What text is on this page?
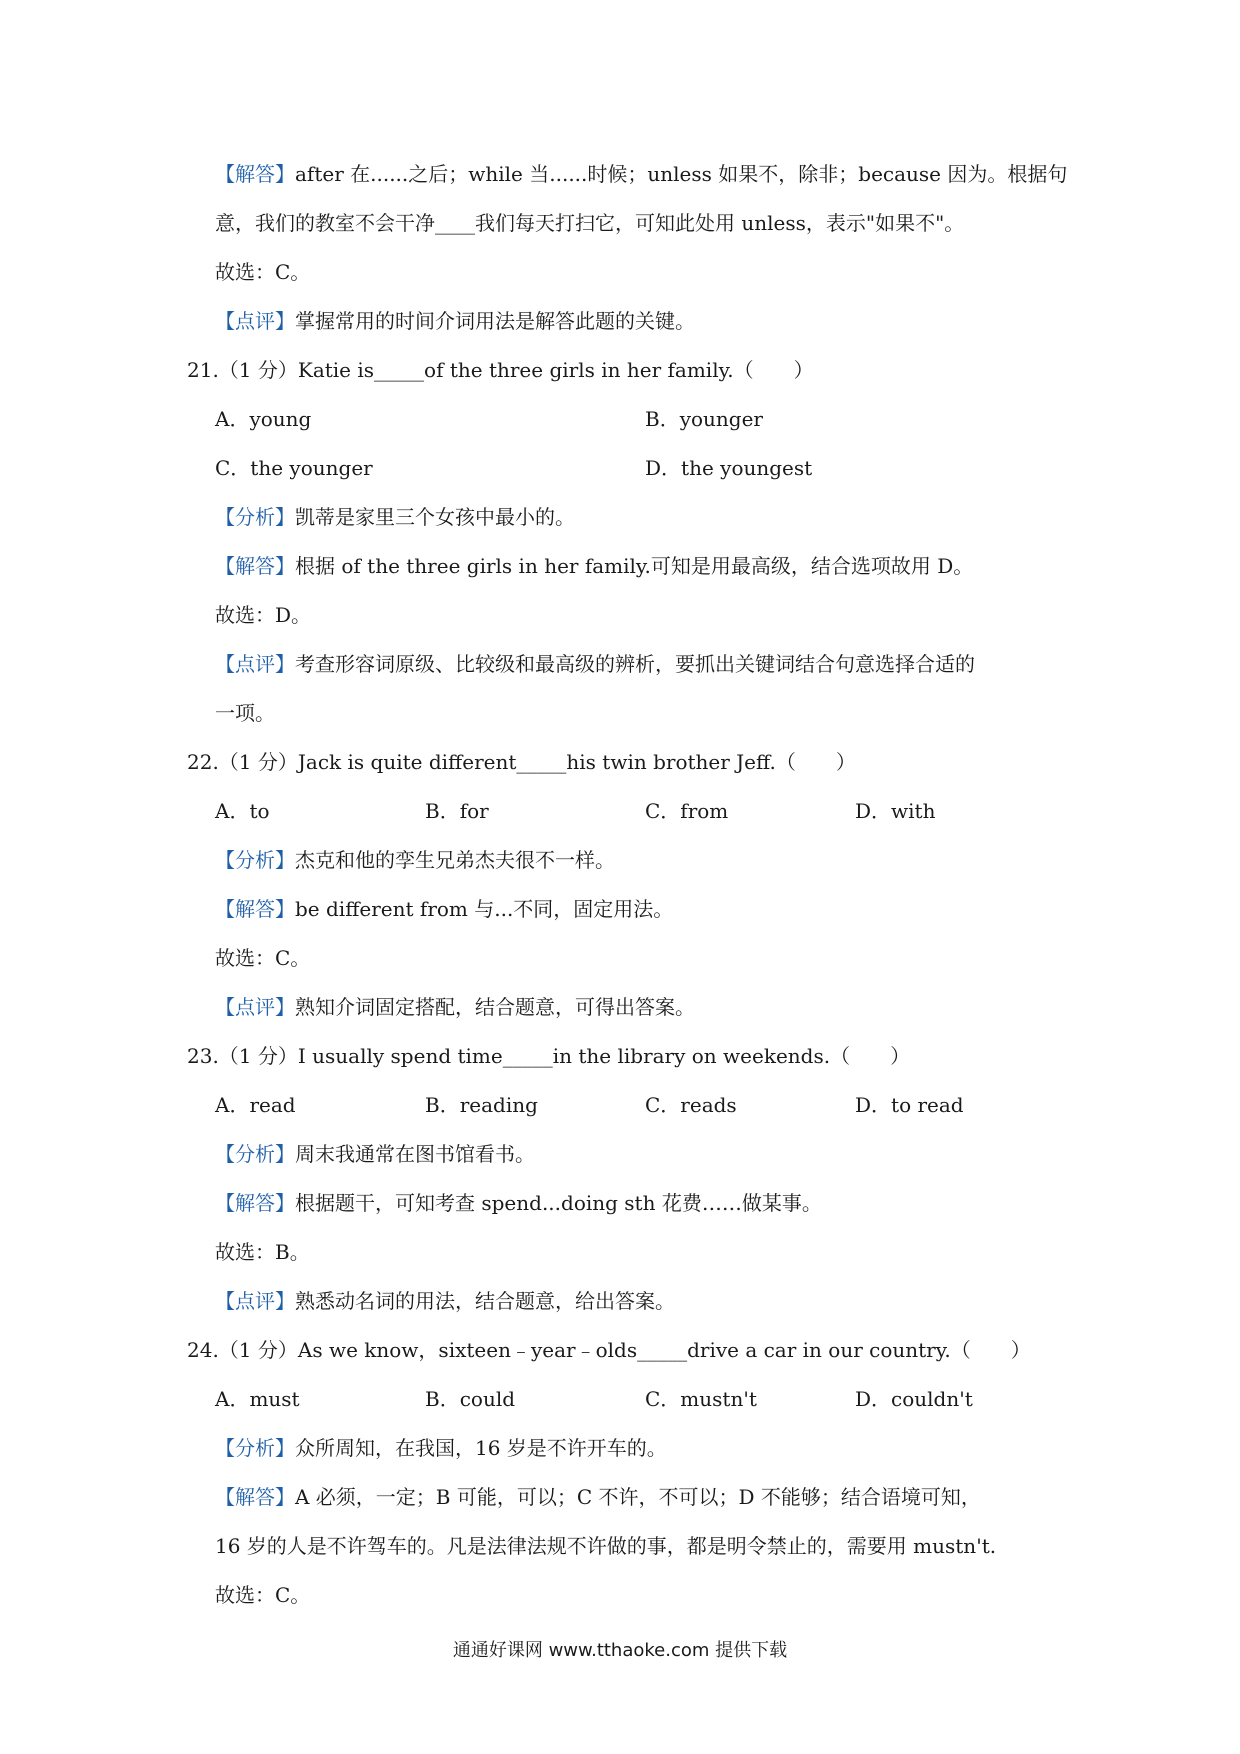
【解答】after 在......之后；while 当......时候；unless 如果不，除非；because 因为。根据句
意，我们的教室不会干净____我们每天打扫它，可知此处用 unless，表示"如果不"。
故选：C。
【点评】掌握常用的时间介词用法是解答此题的关键。
21.（1 分）Katie is_____of the three girls in her family.（　　）
A．young	B．younger
C．the younger	D．the youngest
【分析】凯蒂是家里三个女孩中最小的。
【解答】根据 of the three girls in her family.可知是用最高级，结合选项故用 D。
故选：D。
【点评】考查形容词原级、比较级和最高级的辨析，要抓出关键词结合句意选择合适的
一项。
22.（1 分）Jack is quite different_____his twin brother Jeff.（　　）
A．to	B．for	C．from	D．with
【分析】杰克和他的孪生兄弟杰夫很不一样。
【解答】be different from 与...不同，固定用法。
故选：C。
【点评】熟知介词固定搭配，结合题意，可得出答案。
23.（1 分）I usually spend time_____in the library on weekends.（　　）
A．read	B．reading	C．reads	D．to read
【分析】周末我通常在图书馆看书。
【解答】根据题干，可知考查 spend...doing sth 花费……做某事。
故选：B。
【点评】熟悉动名词的用法，结合题意，给出答案。
24.（1 分）As we know，sixteen﹣year﹣olds_____drive a car in our country.（　　）
A．must	B．could	C．mustn't	D．couldn't
【分析】众所周知，在我国，16 岁是不许开车的。
【解答】A 必须，一定；B 可能，可以；C 不许，不可以；D 不能够；结合语境可知，
16 岁的人是不许驾车的。凡是法律法规不许做的事，都是明令禁止的，需要用 mustn't.
故选：C。
通通好课网 www.tthaoke.com 提供下载
